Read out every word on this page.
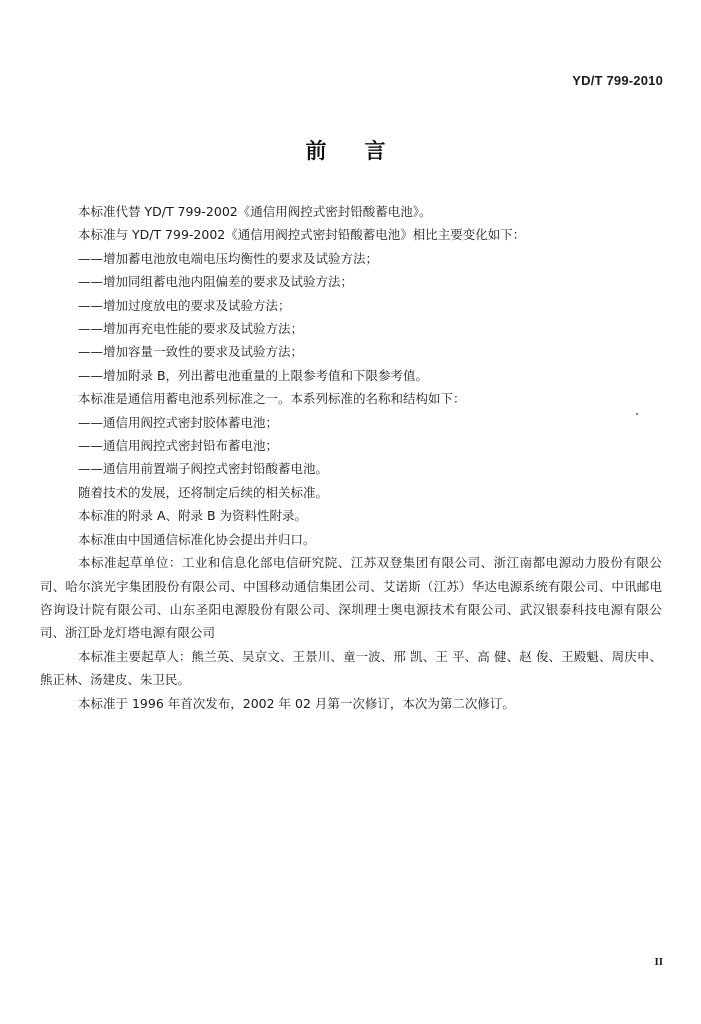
YD/T 799-2010
前言
本标准代替 YD/T 799-2002《通信用阀控式密封铅酸蓄电池》。
本标准与 YD/T 799-2002《通信用阀控式密封铅酸蓄电池》相比主要变化如下：
——增加蓄电池放电端电压均衡性的要求及试验方法；
——增加同组蓄电池内阻偏差的要求及试验方法；
——增加过度放电的要求及试验方法；
——增加再充电性能的要求及试验方法；
——增加容量一致性的要求及试验方法；
——增加附录 B，列出蓄电池重量的上限参考值和下限参考值。
本标准是通信用蓄电池系列标准之一。本系列标准的名称和结构如下：
——通信用阀控式密封胶体蓄电池；
——通信用阀控式密封铅布蓄电池；
——通信用前置端子阀控式密封铅酸蓄电池。
随着技术的发展，还将制定后续的相关标准。
本标准的附录 A、附录 B 为资料性附录。
本标准由中国通信标准化协会提出并归口。
本标准起草单位：工业和信息化部电信研究院、江苏双登集团有限公司、浙江南都电源动力股份有限公司、哈尔滨光宇集团股份有限公司、中国移动通信集团公司、艾诺斯（江苏）华达电源系统有限公司、中讯邮电咨询设计院有限公司、山东圣阳电源股份有限公司、深圳理士奥电源技术有限公司、武汉银泰科技电源有限公司、浙江卧龙灯塔电源有限公司
本标准主要起草人：熊兰英、吴京文、王景川、童一波、邢 凯、王 平、高 健、赵 俊、王殿魁、周庆申、熊正林、汤建皮、朱卫民。
本标准于 1996 年首次发布，2002 年 02 月第一次修订，本次为第二次修订。
II
